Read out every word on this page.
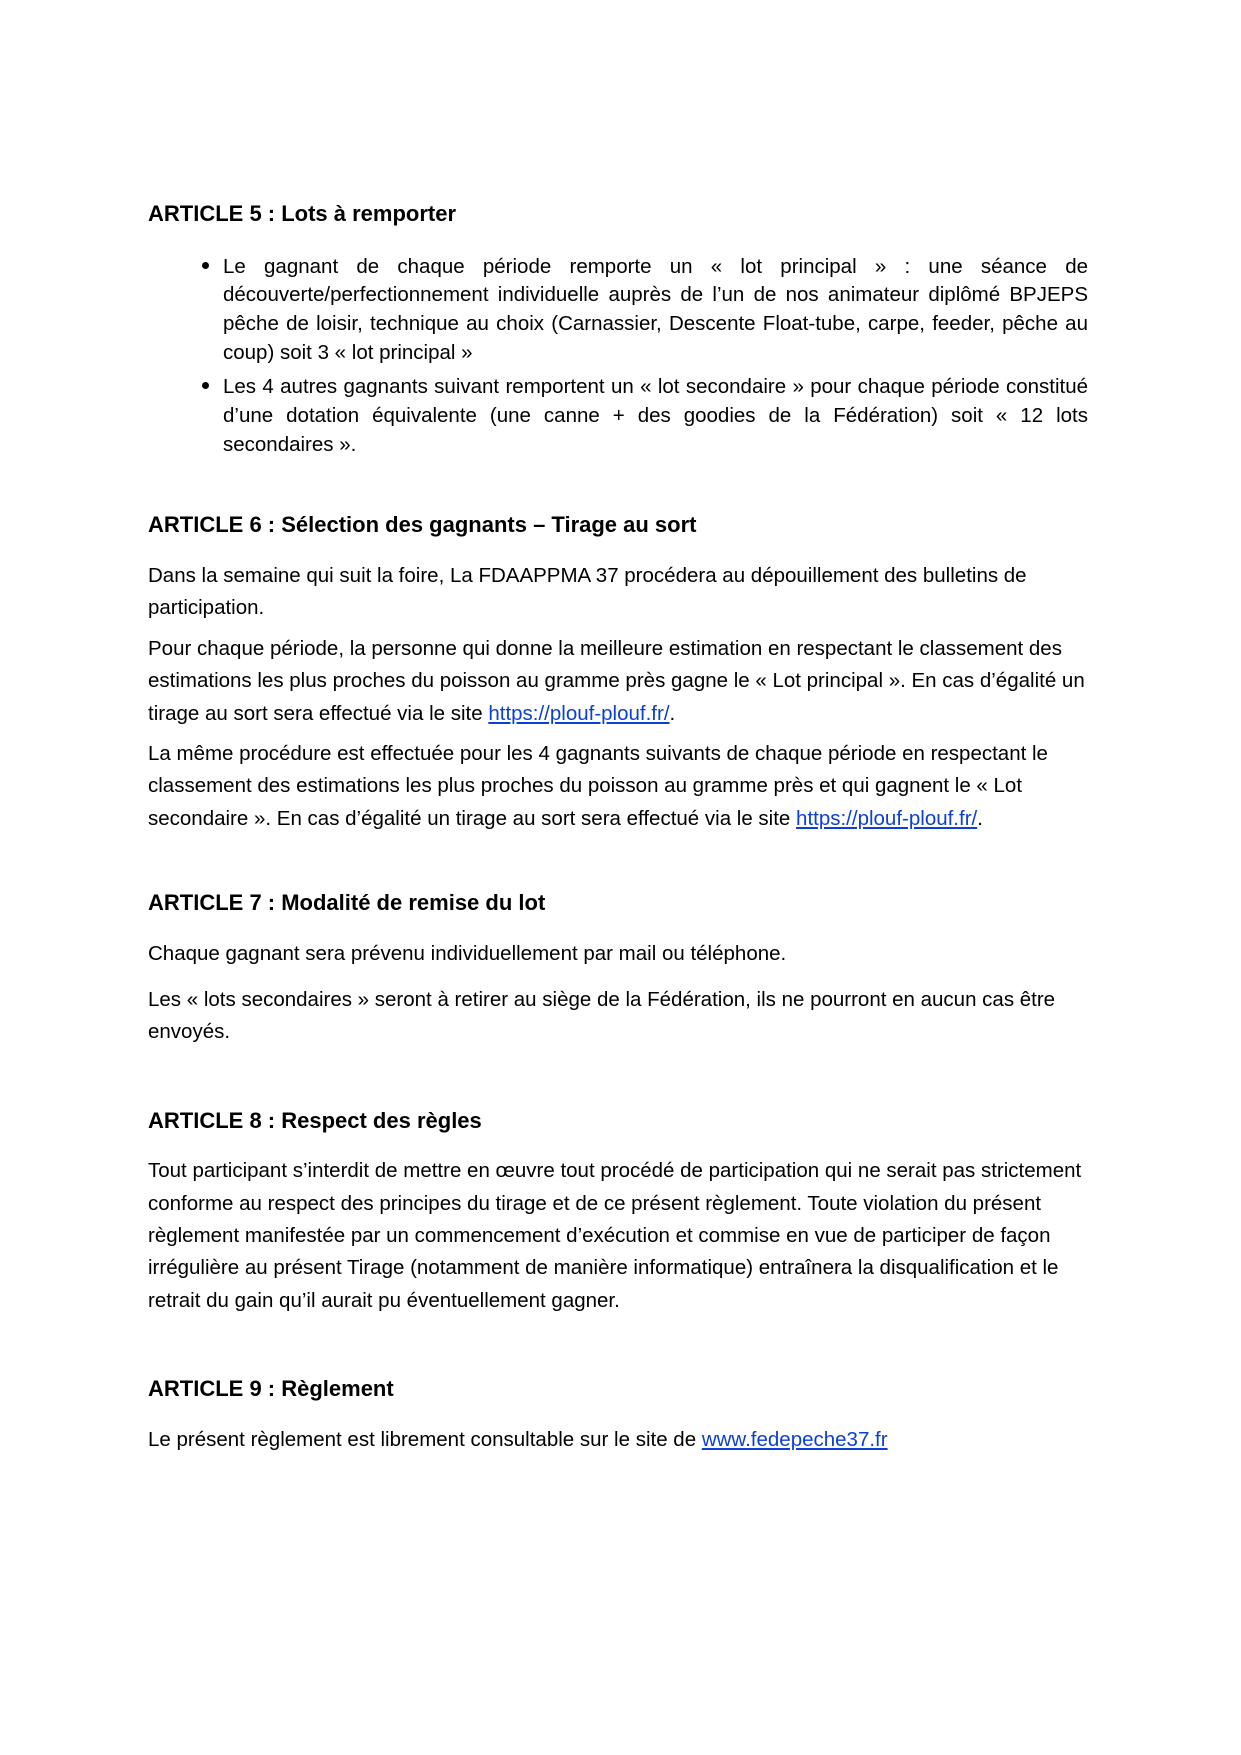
ARTICLE 5 : Lots à remporter
• Le gagnant de chaque période remporte un « lot principal » : une séance de découverte/perfectionnement individuelle auprès de l’un de nos animateur diplômé BPJEPS pêche de loisir, technique au choix (Carnassier, Descente Float-tube, carpe, feeder, pêche au coup) soit 3 « lot principal »
• Les 4 autres gagnants suivant remportent un « lot secondaire » pour chaque période constitué d’une dotation équivalente (une canne + des goodies de la Fédération) soit « 12 lots secondaires ».
ARTICLE 6 : Sélection des gagnants – Tirage au sort

Dans la semaine qui suit la foire, La FDAAPPMA 37 procédera au dépouillement des bulletins de participation.

Pour chaque période, la personne qui donne la meilleure estimation en respectant le classement des estimations les plus proches du poisson au gramme près gagne le « Lot principal ». En cas d’égalité un tirage au sort sera effectué via le site https://plouf-plouf.fr/.

La même procédure est effectuée pour les 4 gagnants suivants de chaque période en respectant le classement des estimations les plus proches du poisson au gramme près et qui gagnent le « Lot secondaire ». En cas d’égalité un tirage au sort sera effectué via le site https://plouf-plouf.fr/.

ARTICLE 7 : Modalité de remise du lot

Chaque gagnant sera prévenu individuellement par mail ou téléphone.

Les « lots secondaires » seront à retirer au siège de la Fédération, ils ne pourront en aucun cas être envoyés.

ARTICLE 8 : Respect des règles

Tout participant s’interdit de mettre en œuvre tout procédé de participation qui ne serait pas strictement conforme au respect des principes du tirage et de ce présent règlement. Toute violation du présent règlement manifestée par un commencement d’exécution et commise en vue de participer de façon irrégulière au présent Tirage (notamment de manière informatique) entraînera la disqualification et le retrait du gain qu’il aurait pu éventuellement gagner.

ARTICLE 9 : Règlement

Le présent règlement est librement consultable sur le site de www.fedepeche37.fr
